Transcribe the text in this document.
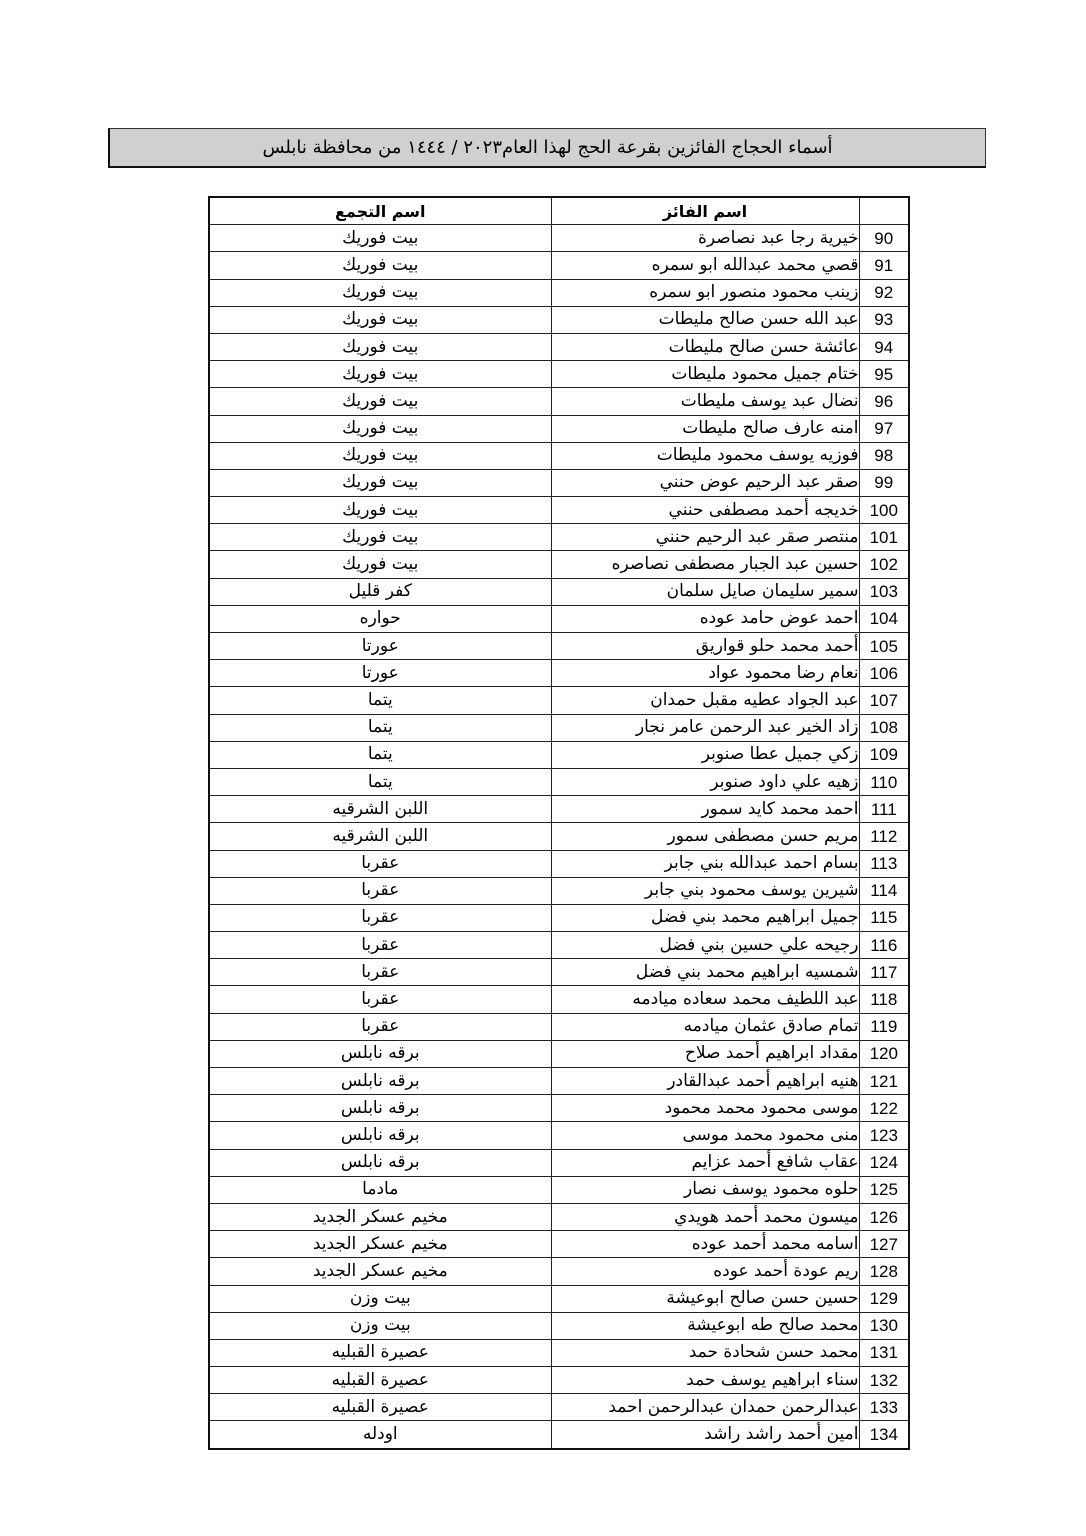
أسماء الحجاج الفائزين بقرعة الحج لهذا العام٢٠٢٣ / ١٤٤٤ من محافظة نابلس
	اسم الفائز	اسم التجمع
90	خيرية رجا عبد نصاصرة	بيت فوريك
91	قصي محمد عبدالله ابو سمره	بيت فوريك
92	زينب محمود منصور ابو سمره	بيت فوريك
93	عبد الله حسن صالح مليطات	بيت فوريك
94	عائشة حسن صالح مليطات	بيت فوريك
95	ختام جميل محمود مليطات	بيت فوريك
96	نضال عبد يوسف مليطات	بيت فوريك
97	امنه عارف صالح مليطات	بيت فوريك
98	فوزيه يوسف محمود مليطات	بيت فوريك
99	صقر عبد الرحيم عوض حنني	بيت فوريك
100	خديجه أحمد مصطفى حنني	بيت فوريك
101	منتصر صقر عبد الرحيم حنني	بيت فوريك
102	حسين عبد الجبار مصطفى نصاصره	بيت فوريك
103	سمير سليمان صايل سلمان	كفر قليل
104	احمد عوض حامد عوده	حواره
105	أحمد محمد حلو قواريق	عورتا
106	نعام رضا محمود عواد	عورتا
107	عبد الجواد عطيه مقبل حمدان	يتما
108	زاد الخير عبد الرحمن عامر نجار	يتما
109	زكي جميل عطا صنوبر	يتما
110	زهيه علي داود صنوبر	يتما
111	احمد محمد كايد سمور	اللبن الشرقيه
112	مريم حسن مصطفى سمور	اللبن الشرقيه
113	بسام احمد عبدالله بني جابر	عقربا
114	شيرين يوسف محمود بني جابر	عقربا
115	جميل ابراهيم محمد بني فضل	عقربا
116	رجيحه علي حسين بني فضل	عقربا
117	شمسيه ابراهيم محمد بني فضل	عقربا
118	عبد اللطيف محمد سعاده ميادمه	عقربا
119	تمام صادق عثمان ميادمه	عقربا
120	مقداد ابراهيم أحمد صلاح	برقه نابلس
121	هنيه ابراهيم أحمد عبدالقادر	برقه نابلس
122	موسى محمود محمد محمود	برقه نابلس
123	منى محمود محمد موسى	برقه نابلس
124	عقاب شافع أحمد عزايم	برقه نابلس
125	حلوه محمود يوسف نصار	مادما
126	ميسون محمد أحمد هويدي	مخيم عسكر الجديد
127	اسامه محمد أحمد عوده	مخيم عسكر الجديد
128	ريم عودة أحمد عوده	مخيم عسكر الجديد
129	حسين حسن صالح ابوعيشة	بيت وزن
130	محمد صالح طه ابوعيشة	بيت وزن
131	محمد حسن شحادة حمد	عصيرة القبليه
132	سناء ابراهيم يوسف حمد	عصيرة القبليه
133	عبدالرحمن حمدان عبدالرحمن احمد	عصيرة القبليه
134	امين أحمد راشد راشد	اودله
